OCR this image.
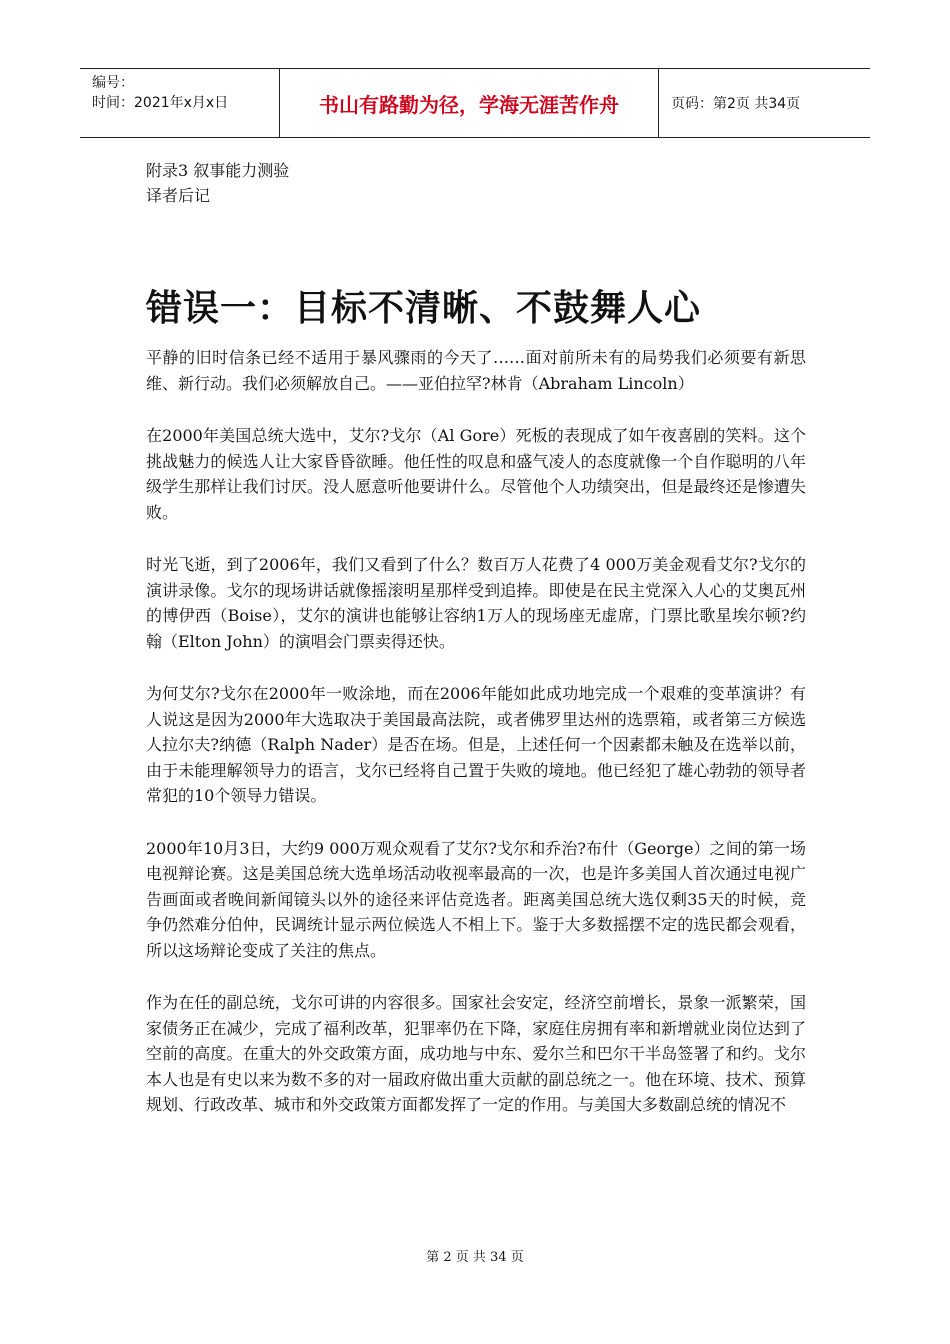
编号：
时间：2021年x月x日	书山有路勤为径，学海无涯苦作舟	页码：第2页 共34页
附录3 叙事能力测验
译者后记
错误一：目标不清晰、不鼓舞人心

平静的旧时信条已经不适用于暴风骤雨的今天了……面对前所未有的局势我们必须要有新思维、新行动。我们必须解放自己。——亚伯拉罕?林肯（Abraham Lincoln）

在2000年美国总统大选中，艾尔?戈尔（Al Gore）死板的表现成了如午夜喜剧的笑料。这个挑战魅力的候选人让大家昏昏欲睡。他任性的叹息和盛气凌人的态度就像一个自作聪明的八年级学生那样让我们讨厌。没人愿意听他要讲什么。尽管他个人功绩突出，但是最终还是惨遭失败。

时光飞逝，到了2006年，我们又看到了什么？数百万人花费了4 000万美金观看艾尔?戈尔的演讲录像。戈尔的现场讲话就像摇滚明星那样受到追捧。即使是在民主党深入人心的艾奥瓦州的博伊西（Boise），艾尔的演讲也能够让容纳1万人的现场座无虚席，门票比歌星埃尔顿?约翰（Elton John）的演唱会门票卖得还快。

为何艾尔?戈尔在2000年一败涂地，而在2006年能如此成功地完成一个艰难的变革演讲？有人说这是因为2000年大选取决于美国最高法院，或者佛罗里达州的选票箱，或者第三方候选人拉尔夫?纳德（Ralph Nader）是否在场。但是，上述任何一个因素都未触及在选举以前，由于未能理解领导力的语言，戈尔已经将自己置于失败的境地。他已经犯了雄心勃勃的领导者常犯的10个领导力错误。

2000年10月3日，大约9 000万观众观看了艾尔?戈尔和乔治?布什（George）之间的第一场电视辩论赛。这是美国总统大选单场活动收视率最高的一次，也是许多美国人首次通过电视广告画面或者晚间新闻镜头以外的途径来评估竞选者。距离美国总统大选仅剩35天的时候，竞争仍然难分伯仲，民调统计显示两位候选人不相上下。鉴于大多数摇摆不定的选民都会观看，所以这场辩论变成了关注的焦点。

作为在任的副总统，戈尔可讲的内容很多。国家社会安定，经济空前增长，景象一派繁荣，国家债务正在减少，完成了福利改革，犯罪率仍在下降，家庭住房拥有率和新增就业岗位达到了空前的高度。在重大的外交政策方面，成功地与中东、爱尔兰和巴尔干半岛签署了和约。戈尔本人也是有史以来为数不多的对一届政府做出重大贡献的副总统之一。他在环境、技术、预算规划、行政改革、城市和外交政策方面都发挥了一定的作用。与美国大多数副总统的情况不

第 2 页 共 34 页
